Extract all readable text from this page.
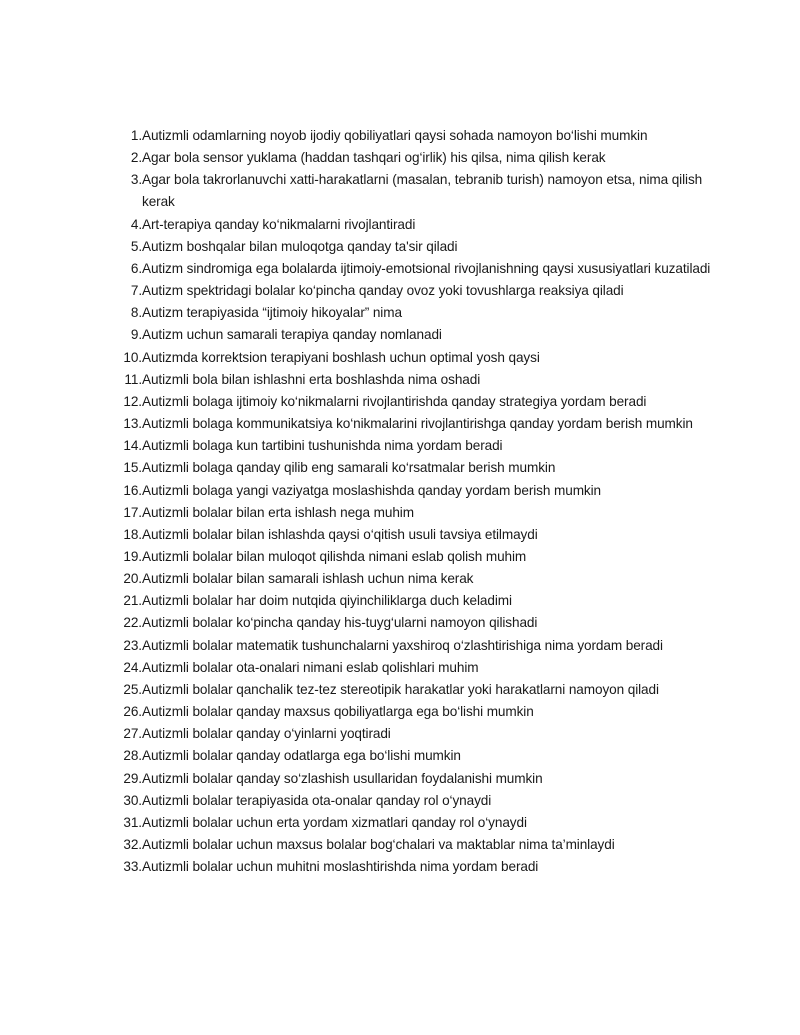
1. Autizmli odamlarning noyob ijodiy qobiliyatlari qaysi sohada namoyon bo‘lishi mumkin
2. Agar bola sensor yuklama (haddan tashqari og‘irlik) his qilsa, nima qilish kerak
3. Agar bola takrorlanuvchi xatti-harakatlarni (masalan, tebranib turish) namoyon etsa, nima qilish kerak
4. Art-terapiya qanday ko‘nikmalarni rivojlantiradi
5. Autizm boshqalar bilan muloqotga qanday ta'sir qiladi
6. Autizm sindromiga ega bolalarda ijtimoiy-emotsional rivojlanishning qaysi xususiyatlari kuzatiladi
7. Autizm spektridagi bolalar ko‘pincha qanday ovoz yoki tovushlarga reaksiya qiladi
8. Autizm terapiyasida “ijtimoiy hikoyalar” nima
9. Autizm uchun samarali terapiya qanday nomlanadi
10. Autizmda korrektsion terapiyani boshlash uchun optimal yosh qaysi
11. Autizmli bola bilan ishlashni erta boshlashda nima oshadi
12. Autizmli bolaga ijtimoiy ko‘nikmalarni rivojlantirishda qanday strategiya yordam beradi
13. Autizmli bolaga kommunikatsiya ko‘nikmalarini rivojlantirishga qanday yordam berish mumkin
14. Autizmli bolaga kun tartibini tushunishda nima yordam beradi
15. Autizmli bolaga qanday qilib eng samarali ko‘rsatmalar berish mumkin
16. Autizmli bolaga yangi vaziyatga moslashishda qanday yordam berish mumkin
17. Autizmli bolalar bilan erta ishlash nega muhim
18. Autizmli bolalar bilan ishlashda qaysi o‘qitish usuli tavsiya etilmaydi
19. Autizmli bolalar bilan muloqot qilishda nimani eslab qolish muhim
20. Autizmli bolalar bilan samarali ishlash uchun nima kerak
21. Autizmli bolalar har doim nutqida qiyinchiliklarga duch keladimi
22. Autizmli bolalar ko‘pincha qanday his-tuyg‘ularni namoyon qilishadi
23. Autizmli bolalar matematik tushunchalarni yaxshiroq o‘zlashtirishiga nima yordam beradi
24. Autizmli bolalar ota-onalari nimani eslab qolishlari muhim
25. Autizmli bolalar qanchalik tez-tez stereotipik harakatlar yoki harakatlarni namoyon qiladi
26. Autizmli bolalar qanday maxsus qobiliyatlarga ega bo‘lishi mumkin
27. Autizmli bolalar qanday o‘yinlarni yoqtiradi
28. Autizmli bolalar qanday odatlarga ega bo‘lishi mumkin
29. Autizmli bolalar qanday so‘zlashish usullaridan foydalanishi mumkin
30. Autizmli bolalar terapiyasida ota-onalar qanday rol o‘ynaydi
31. Autizmli bolalar uchun erta yordam xizmatlari qanday rol o‘ynaydi
32. Autizmli bolalar uchun maxsus bolalar bog‘chalari va maktablar nima ta’minlaydi
33. Autizmli bolalar uchun muhitni moslashtirishda nima yordam beradi
